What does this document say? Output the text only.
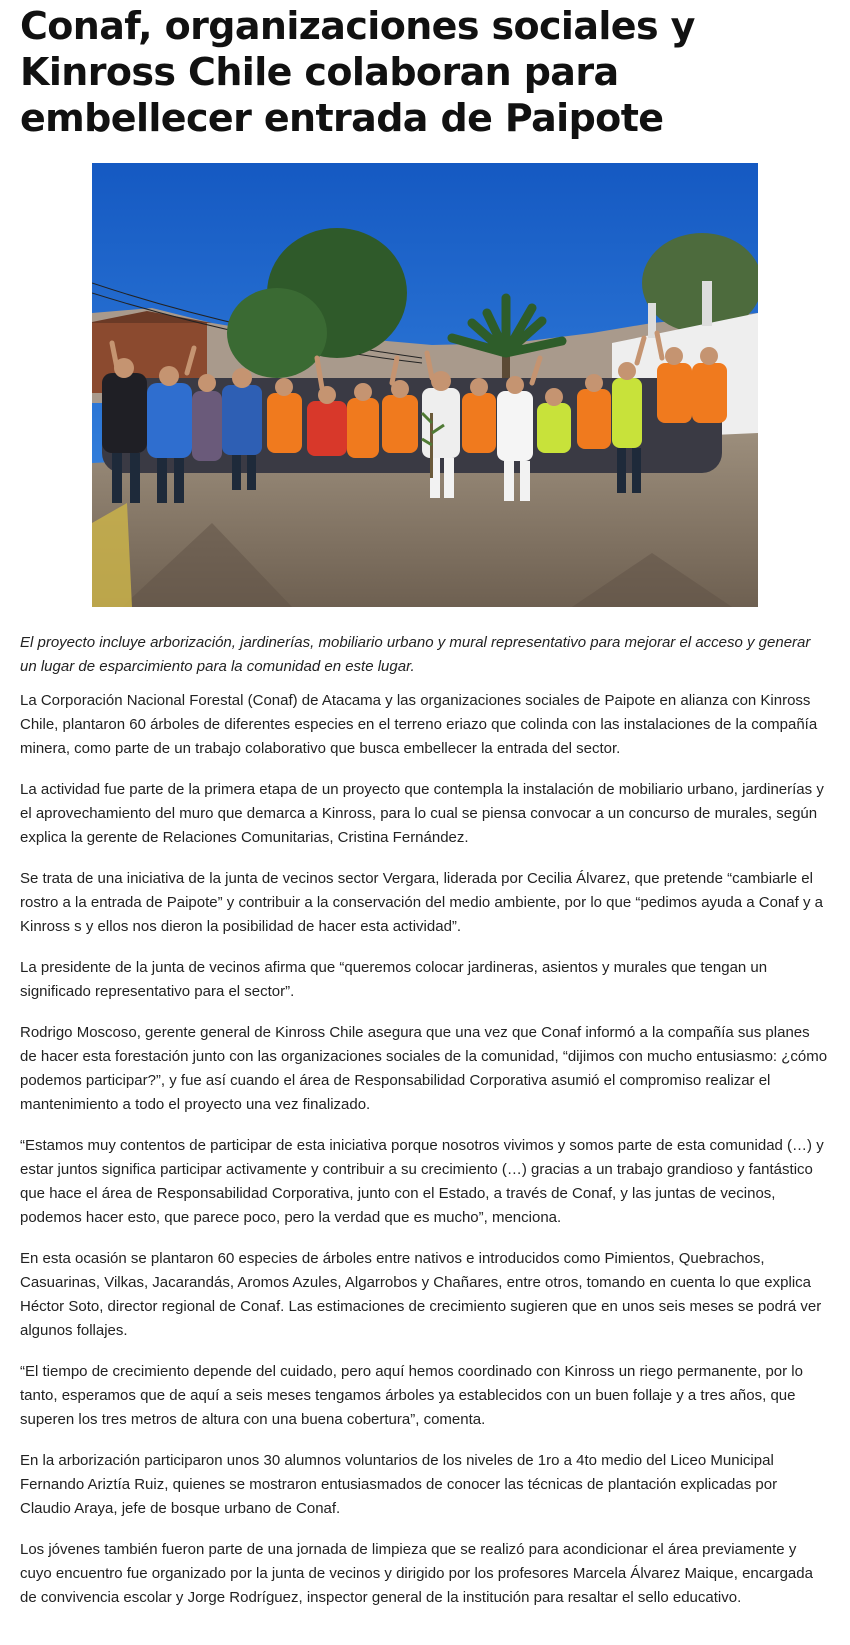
Conaf, organizaciones sociales y Kinross Chile colaboran para embellecer entrada de Paipote

El proyecto incluye arborización, jardinerías, mobiliario urbano y mural representativo para mejorar el acceso y generar un lugar de esparcimiento para la comunidad en este lugar.

La Corporación Nacional Forestal (Conaf) de Atacama y las organizaciones sociales de Paipote en alianza con Kinross Chile, plantaron 60 árboles de diferentes especies en el terreno eriazo que colinda con las instalaciones de la compañía minera, como parte de un trabajo colaborativo que busca embellecer la entrada del sector.

La actividad fue parte de la primera etapa de un proyecto que contempla la instalación de mobiliario urbano, jardinerías y el aprovechamiento del muro que demarca a Kinross, para lo cual se piensa convocar a un concurso de murales, según explica la gerente de Relaciones Comunitarias, Cristina Fernández.

Se trata de una iniciativa de la junta de vecinos sector Vergara, liderada por Cecilia Álvarez, que pretende “cambiarle el rostro a la entrada de Paipote” y contribuir a la conservación del medio ambiente, por lo que “pedimos ayuda a Conaf y a Kinross s y ellos nos dieron la posibilidad de hacer esta actividad”.

La presidente de la junta de vecinos afirma que “queremos colocar jardineras, asientos y murales que tengan un significado representativo para el sector”.

Rodrigo Moscoso, gerente general de Kinross Chile asegura que una vez que Conaf informó a la compañía sus planes de hacer esta forestación junto con las organizaciones sociales de la comunidad, “dijimos con mucho entusiasmo: ¿cómo podemos participar?”, y fue así cuando el área de Responsabilidad Corporativa asumió el compromiso realizar el mantenimiento a todo el proyecto una vez finalizado.

“Estamos muy contentos de participar de esta iniciativa porque nosotros vivimos y somos parte de esta comunidad (…) y estar juntos significa participar activamente y contribuir a su crecimiento (…) gracias a un trabajo grandioso y fantástico que hace el área de Responsabilidad Corporativa, junto con el Estado, a través de Conaf, y las juntas de vecinos, podemos hacer esto, que parece poco, pero la verdad que es mucho”, menciona.

En esta ocasión se plantaron 60 especies de árboles entre nativos e introducidos como Pimientos, Quebrachos, Casuarinas, Vilkas, Jacarandás, Aromos Azules, Algarrobos y Chañares, entre otros, tomando en cuenta lo que explica Héctor Soto, director regional de Conaf. Las estimaciones de crecimiento sugieren que en unos seis meses se podrá ver algunos follajes.

“El tiempo de crecimiento depende del cuidado, pero aquí hemos coordinado con Kinross un riego permanente, por lo tanto, esperamos que de aquí a seis meses tengamos árboles ya establecidos con un buen follaje y a tres años, que superen los tres metros de altura con una buena cobertura”, comenta.

En la arborización participaron unos 30 alumnos voluntarios de los niveles de 1ro a 4to medio del Liceo Municipal Fernando Ariztía Ruiz, quienes se mostraron entusiasmados de conocer las técnicas de plantación explicadas por Claudio Araya, jefe de bosque urbano de Conaf.

Los jóvenes también fueron parte de una jornada de limpieza que se realizó para acondicionar el área previamente y cuyo encuentro fue organizado por la junta de vecinos y dirigido por los profesores Marcela Álvarez Maique, encargada de convivencia escolar y Jorge Rodríguez, inspector general de la institución para resaltar el sello educativo.
